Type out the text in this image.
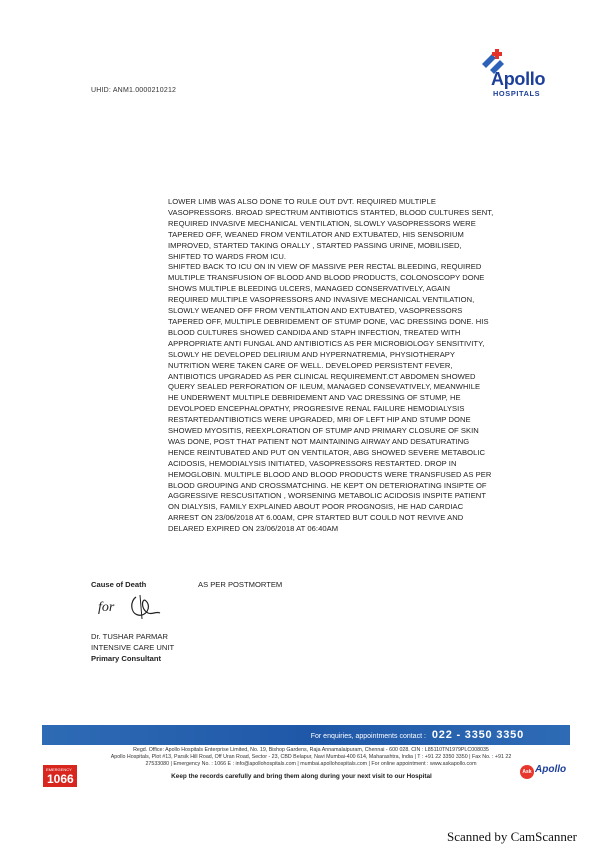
UHID: ANM1.0000210212
Apollo
HOSPITALS
LOWER LIMB WAS ALSO DONE TO RULE OUT DVT. REQUIRED MULTIPLE
VASOPRESSORS. BROAD SPECTRUM ANTIBIOTICS STARTED, BLOOD CULTURES SENT,
REQUIRED INVASIVE MECHANICAL VENTILATION, SLOWLY VASOPRESSORS WERE
TAPERED OFF, WEANED FROM VENTILATOR AND EXTUBATED, HIS SENSORIUM
IMPROVED, STARTED TAKING ORALLY , STARTED PASSING URINE, MOBILISED,
SHIFTED TO WARDS FROM ICU.
SHIFTED BACK TO ICU ON IN VIEW OF MASSIVE PER RECTAL BLEEDING, REQUIRED
MULTIPLE TRANSFUSION OF BLOOD AND BLOOD PRODUCTS, COLONOSCOPY DONE
SHOWS MULTIPLE BLEEDING ULCERS, MANAGED CONSERVATIVELY, AGAIN
REQUIRED MULTIPLE VASOPRESSORS AND INVASIVE MECHANICAL VENTILATION,
SLOWLY WEANED OFF FROM VENTILATION AND EXTUBATED, VASOPRESSORS
TAPERED OFF, MULTIPLE DEBRIDEMENT OF STUMP DONE, VAC DRESSING DONE. HIS
BLOOD CULTURES SHOWED CANDIDA AND STAPH INFECTION, TREATED WITH
APPROPRIATE ANTI FUNGAL AND ANTIBIOTICS AS PER MICROBIOLOGY SENSITIVITY,
SLOWLY HE DEVELOPED DELIRIUM AND HYPERNATREMIA, PHYSIOTHERAPY
NUTRITION WERE TAKEN CARE OF WELL. DEVELOPED PERSISTENT FEVER,
ANTIBIOTICS UPGRADED AS PER CLINICAL REQUIREMENT.CT ABDOMEN SHOWED
QUERY SEALED PERFORATION OF ILEUM, MANAGED CONSEVATIVELY, MEANWHILE
HE UNDERWENT MULTIPLE DEBRIDEMENT AND VAC DRESSING OF STUMP, HE
DEVOLPOED ENCEPHALOPATHY, PROGRESIVE RENAL FAILURE HEMODIALYSIS
RESTARTEDANTIBIOTICS WERE UPGRADED, MRI OF LEFT HIP AND STUMP DONE
SHOWED MYOSITIS, REEXPLORATION OF STUMP AND PRIMARY CLOSURE OF SKIN
WAS DONE, POST THAT PATIENT NOT MAINTAINING AIRWAY AND DESATURATING
HENCE REINTUBATED AND PUT ON VENTILATOR, ABG SHOWED SEVERE METABOLIC
ACIDOSIS, HEMODIALYSIS INITIATED, VASOPRESSORS RESTARTED. DROP IN
HEMOGLOBIN. MULTIPLE BLOOD AND BLOOD PRODUCTS WERE TRANSFUSED AS PER
BLOOD GROUPING AND CROSSMATCHING. HE KEPT ON DETERIORATING INSIPTE OF
AGGRESSIVE RESCUSITATION , WORSENING METABOLIC ACIDOSIS INSPITE PATIENT
ON DIALYSIS, FAMILY EXPLAINED ABOUT POOR PROGNOSIS, HE HAD CARDIAC
ARREST ON 23/06/2018 AT 6.00AM, CPR STARTED BUT COULD NOT REVIVE AND
DELARED EXPIRED ON 23/06/2018 AT 06:40AM
Cause of Death	AS PER POSTMORTEM
for
Dr. TUSHAR PARMAR
INTENSIVE CARE UNIT
Primary Consultant
For enquiries, appointments contact : 022 - 3350 3350
Regd. Office: Apollo Hospitals Enterprise Limited, No. 19, Bishop Gardens, Raja Annamalaipuram, Chennai - 600 028. CIN : L85110TN1979PLC008035
Apollo Hospitals, Plot #13, Parsik Hill Road, Off Uran Road, Sector - 23, CBD Belapur, Navi Mumbai-400 614, Maharashtra, India | T : +91 22 3350 3350 | Fax No. : +91 22
27533080 | Emergency No. : 1066 E : info@apollohospitals.com | mumbai.apollohospitals.com | For online appointment : www.askapollo.com
EMERGENCY
1066	Keep the records carefully and bring them along during your next visit to our Hospital
Ask Apollo
Scanned by CamScanner
